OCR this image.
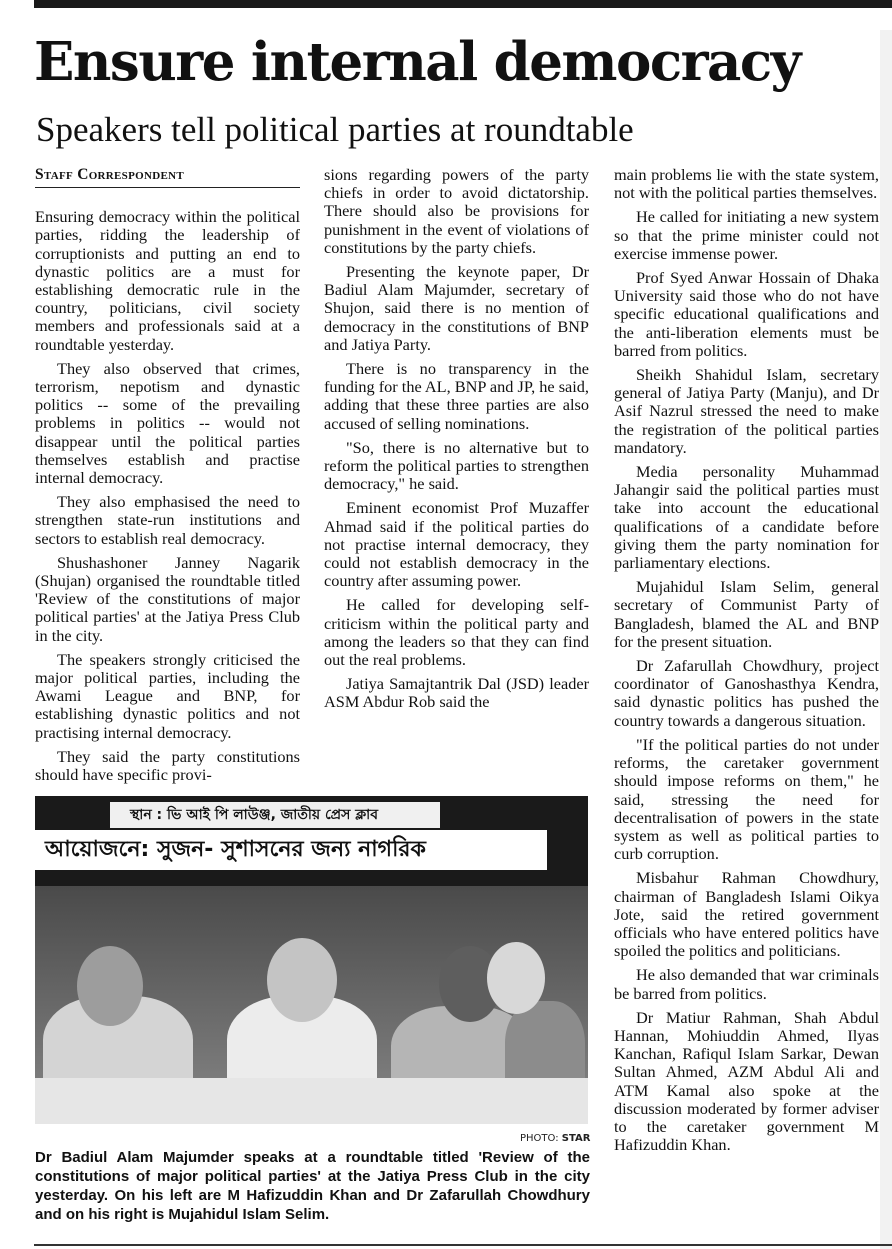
Ensure internal democracy
Speakers tell political parties at roundtable
Staff Correspondent

Ensuring democracy within the political parties, ridding the leadership of corruptionists and putting an end to dynastic politics are a must for establishing democratic rule in the country, politicians, civil society members and professionals said at a roundtable yesterday.

They also observed that crimes, terrorism, nepotism and dynastic politics -- some of the prevailing problems in politics -- would not disappear until the political parties themselves establish and practise internal democracy.

They also emphasised the need to strengthen state-run institutions and sectors to establish real democracy.

Shushashoner Janney Nagarik (Shujan) organised the roundtable titled 'Review of the constitutions of major political parties' at the Jatiya Press Club in the city.

The speakers strongly criticised the major political parties, including the Awami League and BNP, for establishing dynastic politics and not practising internal democracy.

They said the party constitutions should have specific provi-

sions regarding powers of the party chiefs in order to avoid dictatorship. There should also be provisions for punishment in the event of violations of constitutions by the party chiefs.

Presenting the keynote paper, Dr Badiul Alam Majumder, secretary of Shujon, said there is no mention of democracy in the constitutions of BNP and Jatiya Party.

There is no transparency in the funding for the AL, BNP and JP, he said, adding that these three parties are also accused of selling nominations.

"So, there is no alternative but to reform the political parties to strengthen democracy," he said.

Eminent economist Prof Muzaffer Ahmad said if the political parties do not practise internal democracy, they could not establish democracy in the country after assuming power.

He called for developing self-criticism within the political party and among the leaders so that they can find out the real problems.

Jatiya Samajtantrik Dal (JSD) leader ASM Abdur Rob said the

main problems lie with the state system, not with the political parties themselves.

He called for initiating a new system so that the prime minister could not exercise immense power.

Prof Syed Anwar Hossain of Dhaka University said those who do not have specific educational qualifications and the anti-liberation elements must be barred from politics.

Sheikh Shahidul Islam, secretary general of Jatiya Party (Manju), and Dr Asif Nazrul stressed the need to make the registration of the political parties mandatory.

Media personality Muhammad Jahangir said the political parties must take into account the educational qualifications of a candidate before giving them the party nomination for parliamentary elections.

Mujahidul Islam Selim, general secretary of Communist Party of Bangladesh, blamed the AL and BNP for the present situation.

Dr Zafarullah Chowdhury, project coordinator of Ganoshasthya Kendra, said dynastic politics has pushed the country towards a dangerous situation.

"If the political parties do not under reforms, the caretaker government should impose reforms on them," he said, stressing the need for decentralisation of powers in the state system as well as political parties to curb corruption.

Misbahur Rahman Chowdhury, chairman of Bangladesh Islami Oikya Jote, said the retired government officials who have entered politics have spoiled the politics and politicians.

He also demanded that war criminals be barred from politics.

Dr Matiur Rahman, Shah Abdul Hannan, Mohiuddin Ahmed, Ilyas Kanchan, Rafiqul Islam Sarkar, Dewan Sultan Ahmed, AZM Abdul Ali and ATM Kamal also spoke at the discussion moderated by former adviser to the caretaker government M Hafizuddin Khan.

স্থান : ভি আই পি লাউঞ্জ, জাতীয় প্রেস ক্লাব
আয়োজনে: সুজন- সুশাসনের জন্য নাগরিক
PHOTO: STAR
Dr Badiul Alam Majumder speaks at a roundtable titled 'Review of the constitutions of major political parties' at the Jatiya Press Club in the city yesterday. On his left are M Hafizuddin Khan and Dr Zafarullah Chowdhury and on his right is Mujahidul Islam Selim.
